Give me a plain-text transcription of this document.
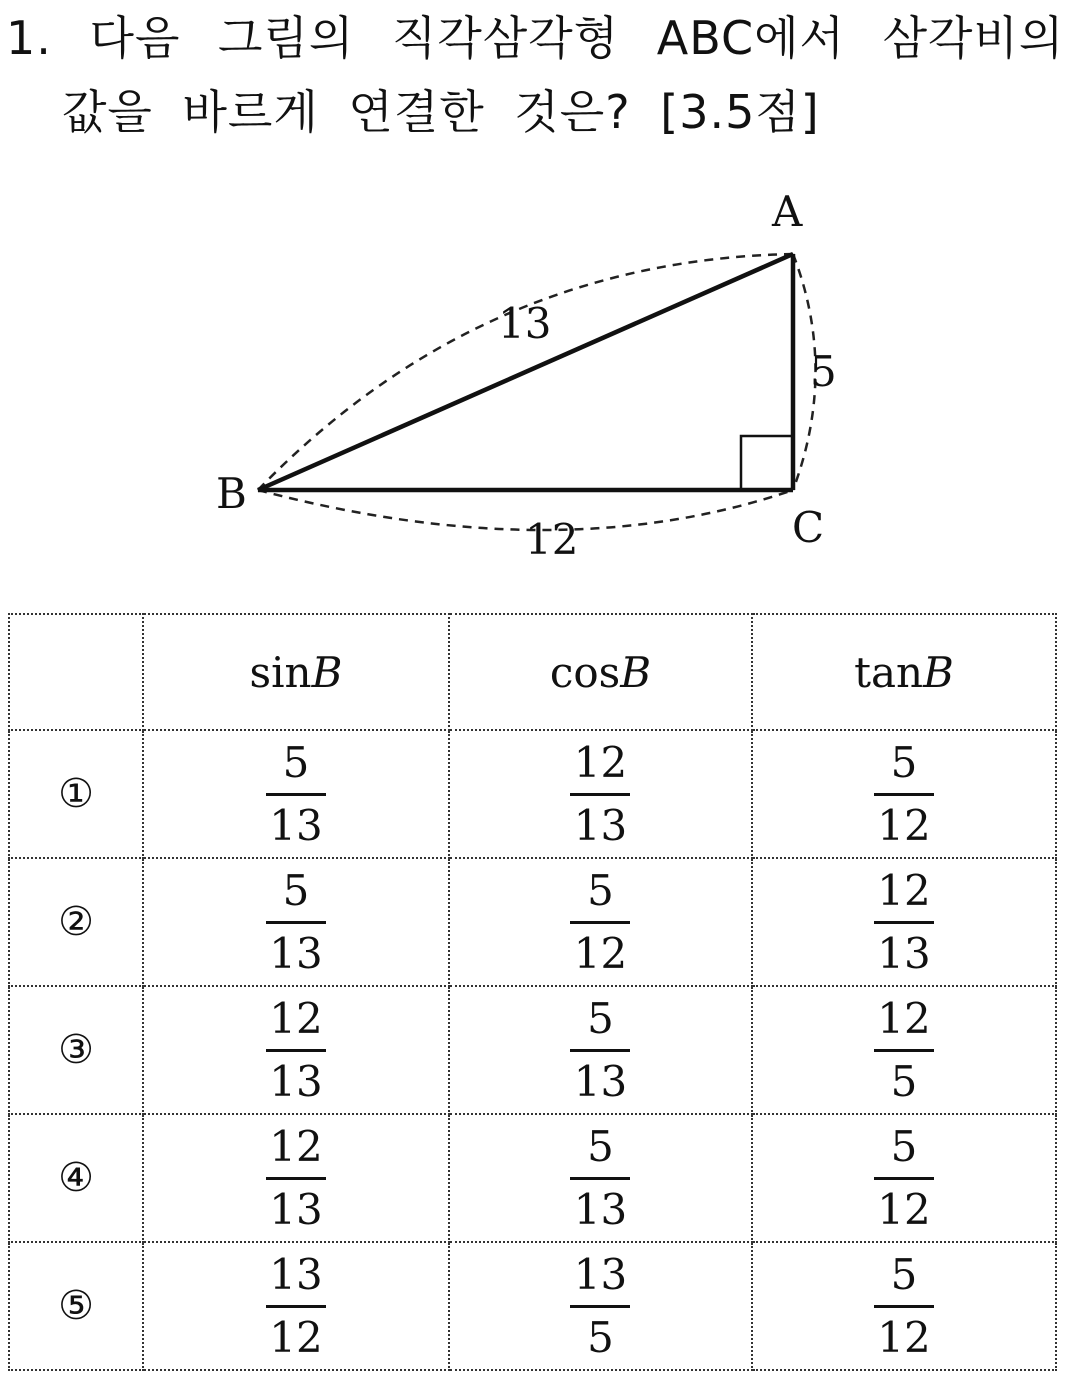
1. 다음 그림의 직각삼각형 ABC에서 삼각비의
값을 바르게 연결한 것은? [3.5점]
A
B
C
13
5
12
	sinB	cosB	tanB
①	$\frac{5}{13}$	$\frac{12}{13}$	$\frac{5}{12}$

②	$\frac{5}{13}$	$\frac{5}{12}$	$\frac{12}{13}$

③	$\frac{12}{13}$	$\frac{5}{13}$	$\frac{12}{5}$

④	$\frac{12}{13}$	$\frac{5}{13}$	$\frac{5}{12}$

⑤	$\frac{13}{12}$	$\frac{13}{5}$	$\frac{5}{12}$
